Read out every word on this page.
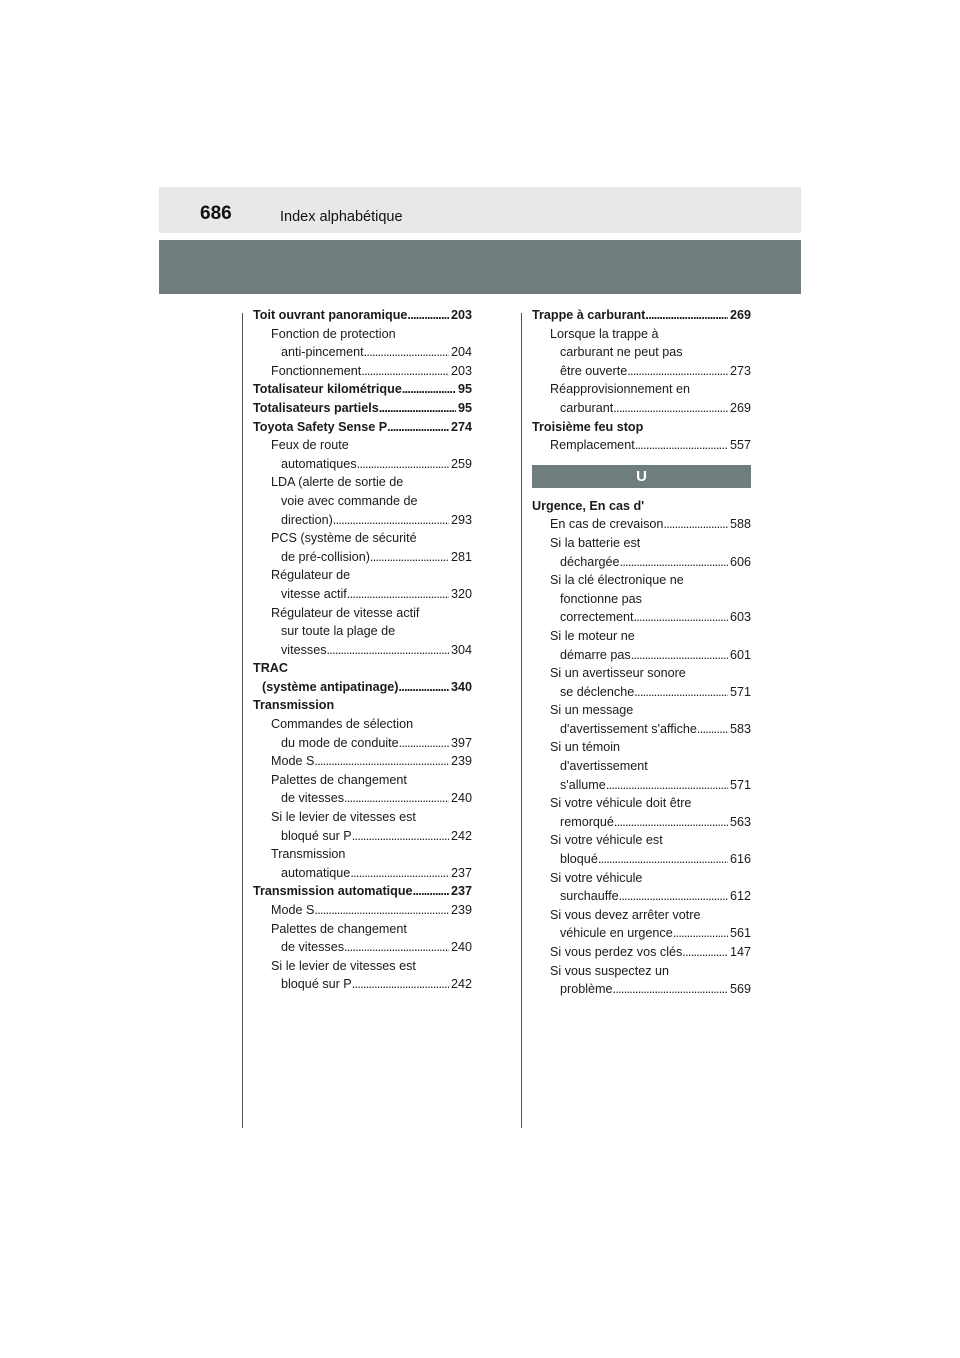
686	Index alphabétique
Toit ouvrant panoramique . . .	203
Fonction de protection
anti-pincement . . .	204
Fonctionnement . . .	203
Totalisateur kilométrique . . .	95
Totalisateurs partiels . . .	95
Toyota Safety Sense P . . .	274
Feux de route
automatiques . . .	259
LDA (alerte de sortie de
voie avec commande de
direction) . . .	293
PCS (système de sécurité
de pré-collision) . . .	281
Régulateur de
vitesse actif . . .	320
Régulateur de vitesse actif
sur toute la plage de
vitesses . . .	304
TRAC
(système antipatinage) . . .	340
Transmission
Commandes de sélection
du mode de conduite . . .	397
Mode S . . .	239
Palettes de changement
de vitesses . . .	240
Si le levier de vitesses est
bloqué sur P . . .	242
Transmission
automatique . . .	237
Transmission automatique . . .	237
Mode S . . .	239
Palettes de changement
de vitesses . . .	240
Si le levier de vitesses est
bloqué sur P . . .	242
Trappe à carburant . . .	269
Lorsque la trappe à
carburant ne peut pas
être ouverte . . .	273
Réapprovisionnement en
carburant . . .	269
Troisième feu stop
Remplacement . . .	557
U
Urgence, En cas d'
En cas de crevaison . . .	588
Si la batterie est
déchargée . . .	606
Si la clé électronique ne
fonctionne pas
correctement . . .	603
Si le moteur ne
démarre pas . . .	601
Si un avertisseur sonore
se déclenche . . .	571
Si un message
d'avertissement s'affiche . . .	583
Si un témoin
d'avertissement
s'allume . . .	571
Si votre véhicule doit être
remorqué . . .	563
Si votre véhicule est
bloqué . . .	616
Si votre véhicule
surchauffe . . .	612
Si vous devez arrêter votre
véhicule en urgence . . .	561
Si vous perdez vos clés . . .	147
Si vous suspectez un
problème . . .	569
